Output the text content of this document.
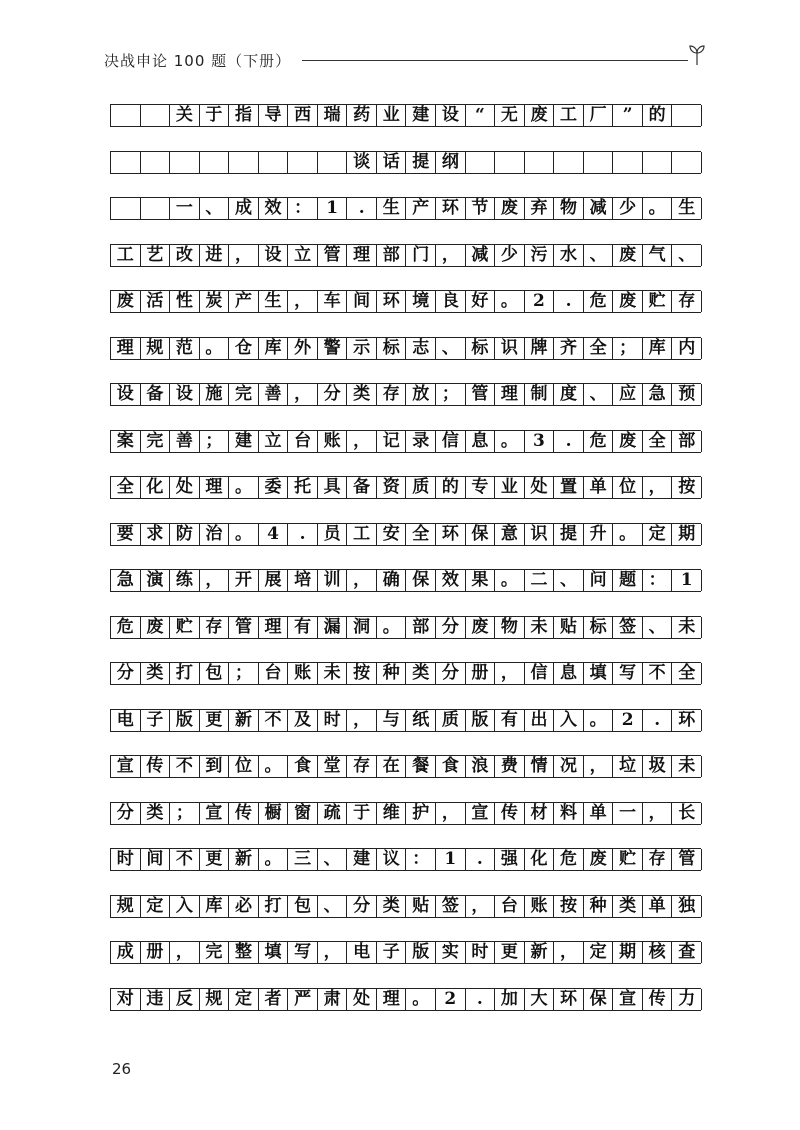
决战申论 100 题（下册）
关 于 指 导 西 瑞 药 业 建 设 “ 无 废 工 厂 ” 的
谈 话 提 纲
一 、 成 效 ： 1	.	生 产 环 节 废 弃 物 减 少 。 生
工 艺 改 进 ， 设 立 管 理 部 门 ， 减 少 污 水 、 废 气 、
废 活 性 炭 产 生 ， 车 间 环 境 良 好 。 2	.	危 废 贮 存
理 规 范 。 仓 库 外 警 示 标 志 、 标 识 牌 齐 全 ； 库 内
设 备 设 施 完 善 ， 分 类 存 放 ； 管 理 制 度 、 应 急 预
案 完 善 ； 建 立 台 账 ， 记 录 信 息 。 3	.	危 废 全 部
全 化 处 理 。 委 托 具 备 资 质 的 专 业 处 置 单 位 ， 按
要 求 防 治 。 4	.	员 工 安 全 环 保 意 识 提 升 。 定 期
急 演 练 ， 开 展 培 训 ， 确 保 效 果 。 二 、 问 题 ： 1
危 废 贮 存 管 理 有 漏 洞 。 部 分 废 物 未 贴 标 签 、 未
分 类 打 包 ； 台 账 未 按 种 类 分 册 ， 信 息 填 写 不 全
电 子 版 更 新 不 及 时 ， 与 纸 质 版 有 出 入 。 2	.	环
宣 传 不 到 位 。 食 堂 存 在 餐 食 浪 费 情 况 ， 垃 圾 未
分 类 ； 宣 传 橱 窗 疏 于 维 护 ， 宣 传 材 料 单 一 ， 长
时 间 不 更 新 。 三 、 建 议 ： 1	.	强 化 危 废 贮 存 管
规 定 入 库 必 打 包 、 分 类 贴 签 ， 台 账 按 种 类 单 独
成 册 ， 完 整 填 写 ， 电 子 版 实 时 更 新 ， 定 期 核 查
对 违 反 规 定 者 严 肃 处 理 。 2	.	加 大 环 保 宣 传 力
26
